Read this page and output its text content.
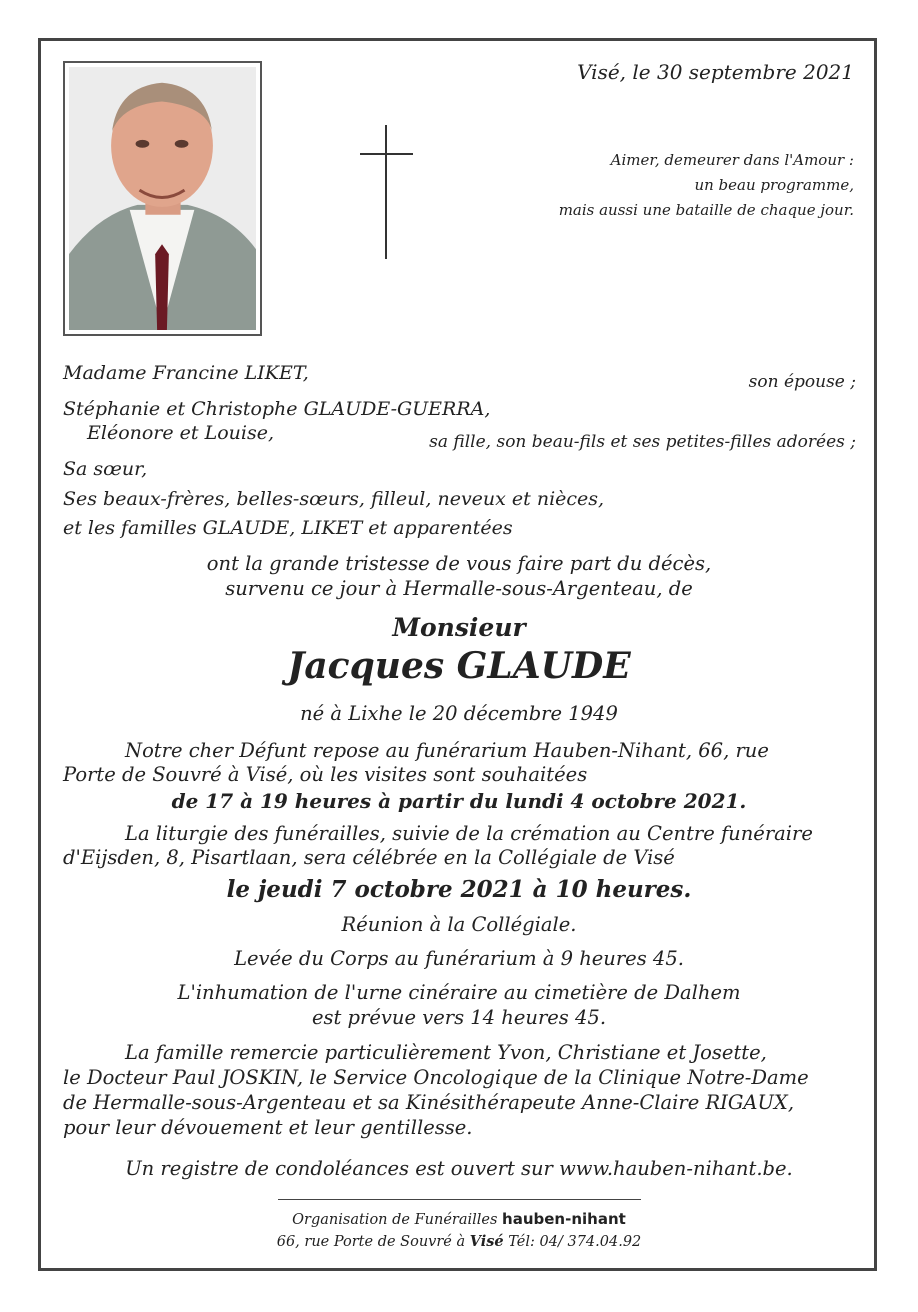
Visé, le 30 septembre 2021
Aimer, demeurer dans l'Amour :
un beau programme,
mais aussi une bataille de chaque jour.
Madame Francine LIKET,	son épouse ;
Stéphanie et Christophe GLAUDE-GUERRA,
Eléonore et Louise,	sa fille, son beau-fils et ses petites-filles adorées ;
Sa sœur,
Ses beaux-frères, belles-sœurs, filleul, neveux et nièces,
et les familles GLAUDE, LIKET et apparentées
ont la grande tristesse de vous faire part du décès,
survenu ce jour à Hermalle-sous-Argenteau, de
Monsieur
Jacques GLAUDE
né à Lixhe le 20 décembre 1949
Notre cher Défunt repose au funérarium Hauben-Nihant, 66, rue
Porte de Souvré à Visé, où les visites sont souhaitées
de 17 à 19 heures à partir du lundi 4 octobre 2021.
La liturgie des funérailles, suivie de la crémation au Centre funéraire
d'Eijsden, 8, Pisartlaan, sera célébrée en la Collégiale de Visé
le jeudi 7 octobre 2021 à 10 heures.
Réunion à la Collégiale.
Levée du Corps au funérarium à 9 heures 45.
L'inhumation de l'urne cinéraire au cimetière de Dalhem
est prévue vers 14 heures 45.
La famille remercie particulièrement Yvon, Christiane et Josette,
le Docteur Paul JOSKIN, le Service Oncologique de la Clinique Notre-Dame
de Hermalle-sous-Argenteau et sa Kinésithérapeute Anne-Claire RIGAUX,
pour leur dévouement et leur gentillesse.
Un registre de condoléances est ouvert sur www.hauben-nihant.be.
Organisation de Funérailles hauben-nihant
66, rue Porte de Souvré à Visé Tél: 04/ 374.04.92
